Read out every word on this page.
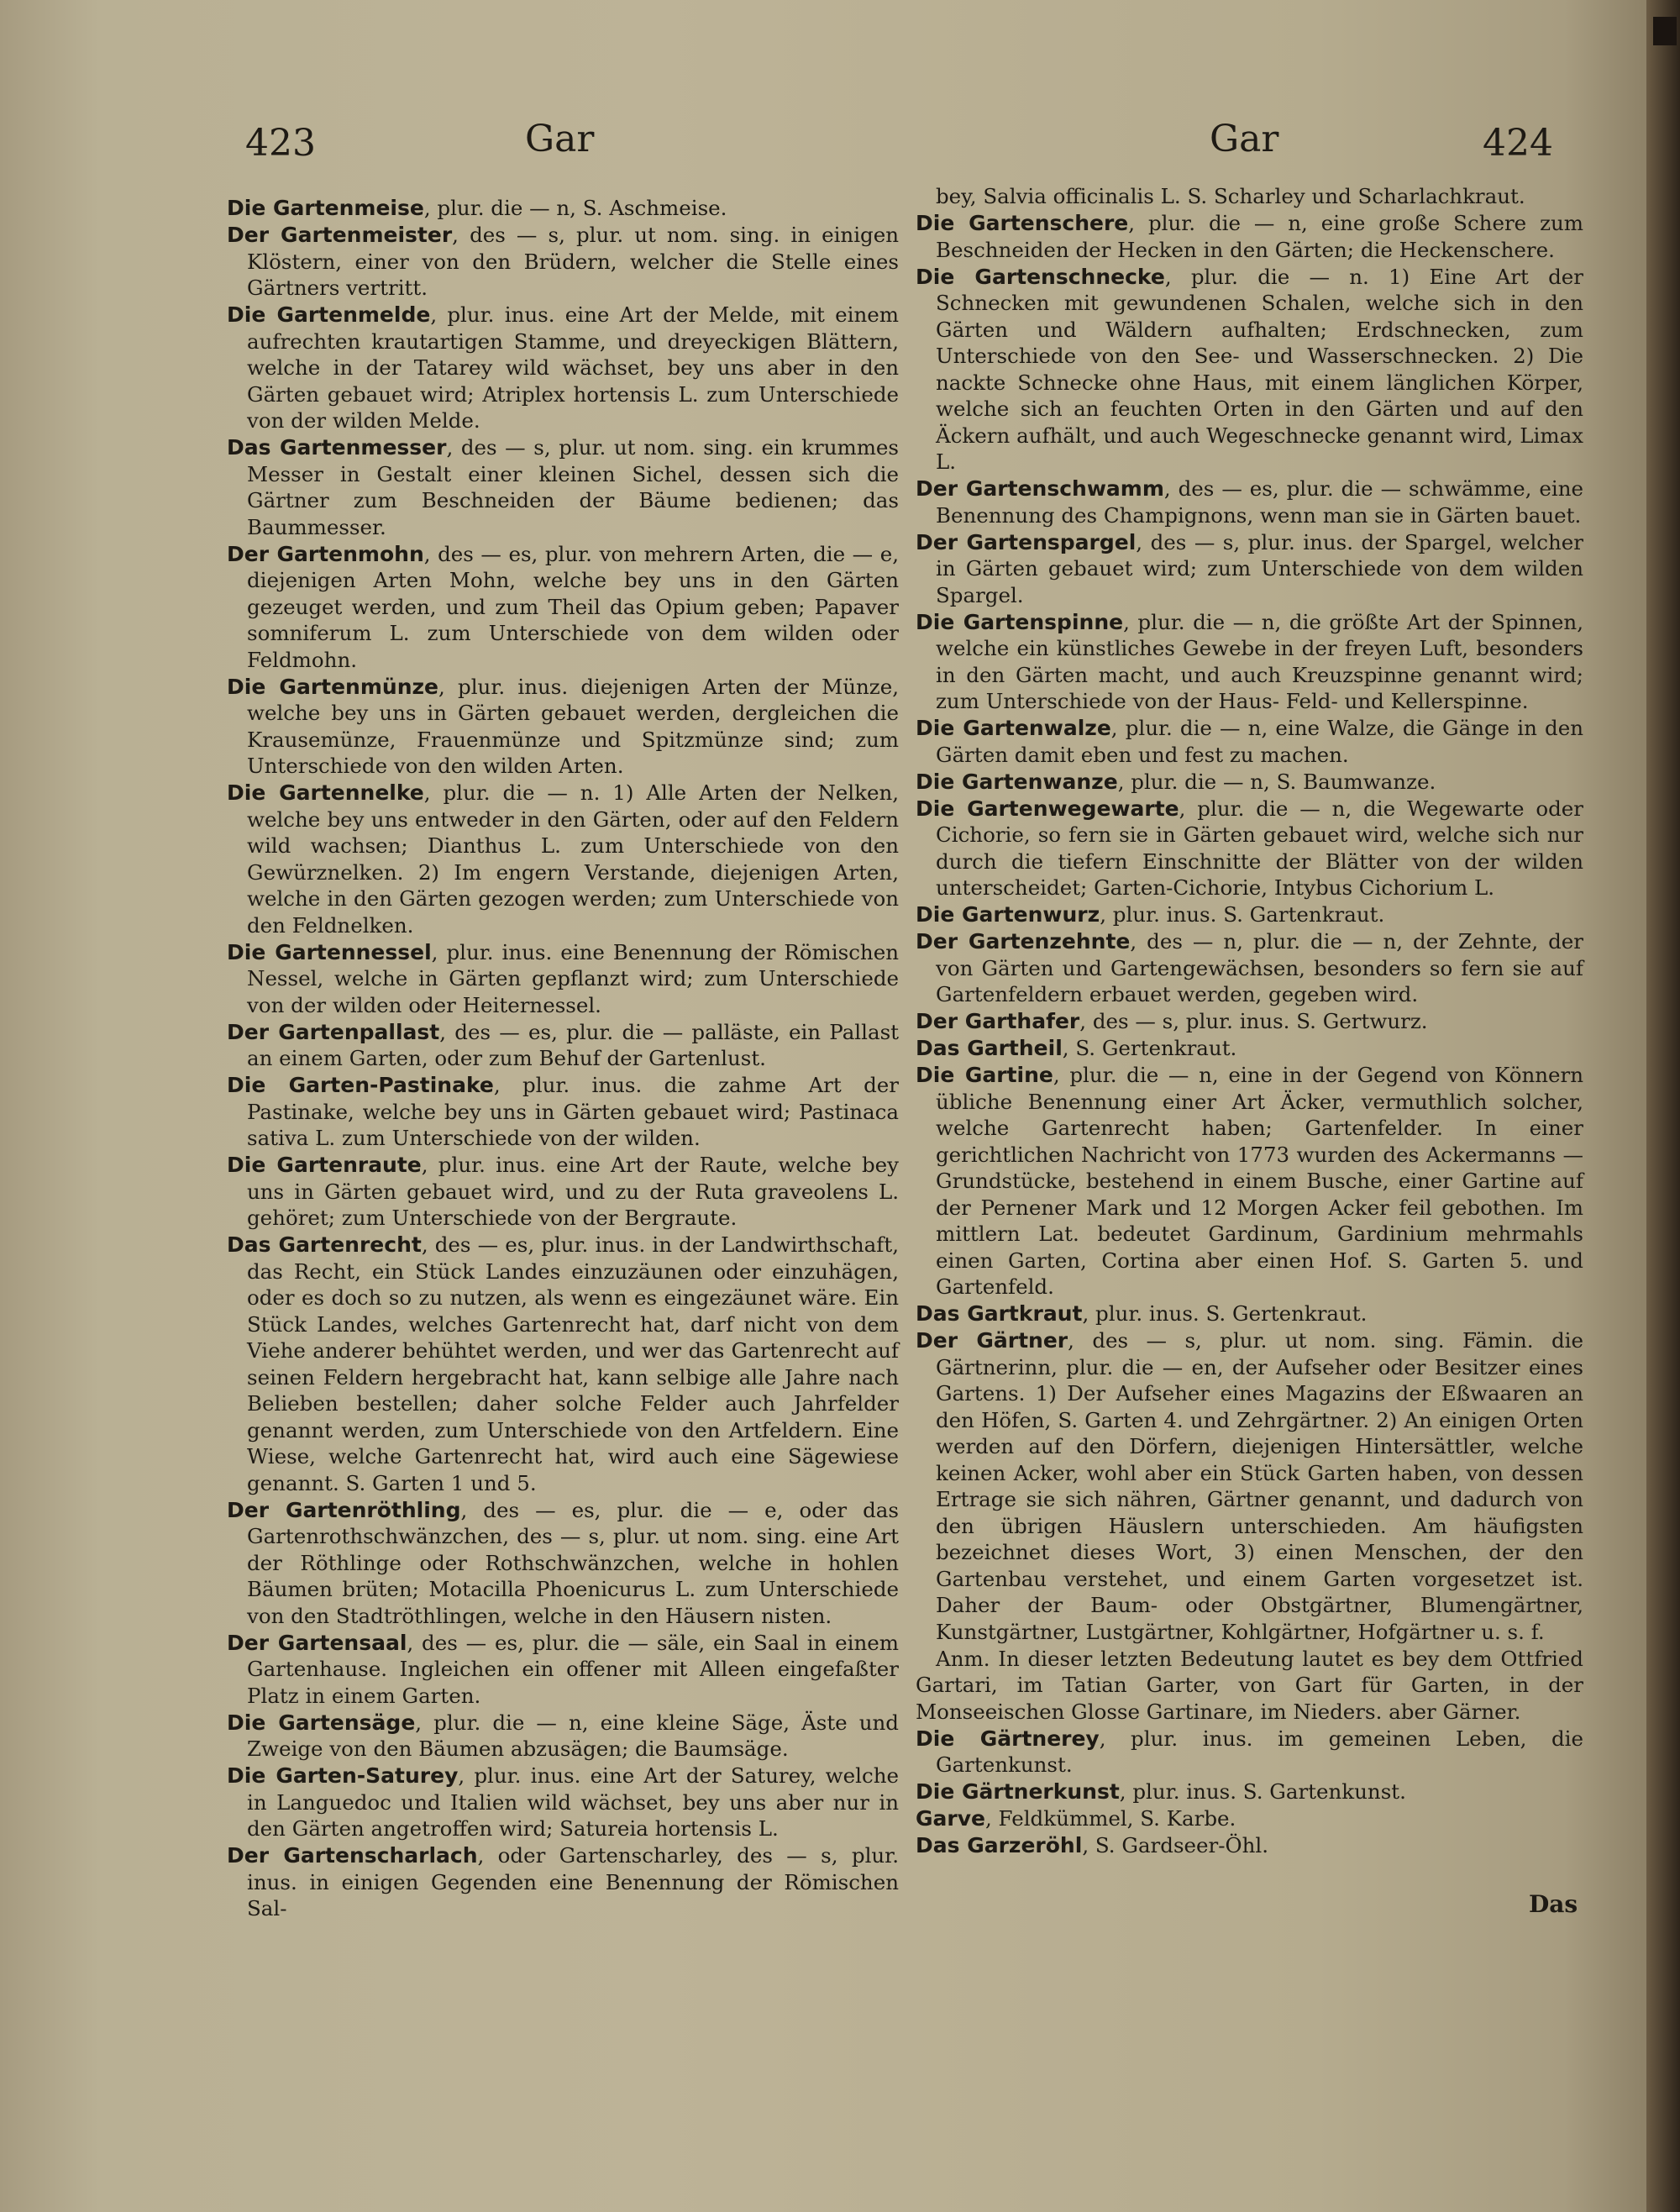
423	Gar	Gar	424
Die Gartenmeise, plur. die — n, S. Aschmeise.
Der Gartenmeister, des — s, plur. ut nom. sing. in einigen Klöstern, einer von den Brüdern, welcher die Stelle eines Gärtners vertritt.
Die Gartenmelde, plur. inus. eine Art der Melde, mit einem aufrechten krautartigen Stamme, und dreyeckigen Blättern, welche in der Tatarey wild wächset, bey uns aber in den Gärten gebauet wird; Atriplex hortensis L. zum Unterschiede von der wilden Melde.
Das Gartenmesser, des — s, plur. ut nom. sing. ein krummes Messer in Gestalt einer kleinen Sichel, dessen sich die Gärtner zum Beschneiden der Bäume bedienen; das Baummesser.
Der Gartenmohn, des — es, plur. von mehrern Arten, die — e, diejenigen Arten Mohn, welche bey uns in den Gärten gezeuget werden, und zum Theil das Opium geben; Papaver somniferum L. zum Unterschiede von dem wilden oder Feldmohn.
Die Gartenmünze, plur. inus. diejenigen Arten der Münze, welche bey uns in Gärten gebauet werden, dergleichen die Krausemünze, Frauenmünze und Spitzmünze sind; zum Unterschiede von den wilden Arten.
Die Gartennelke, plur. die — n. 1) Alle Arten der Nelken, welche bey uns entweder in den Gärten, oder auf den Feldern wild wachsen; Dianthus L. zum Unterschiede von den Gewürznelken. 2) Im engern Verstande, diejenigen Arten, welche in den Gärten gezogen werden; zum Unterschiede von den Feldnelken.
Die Gartennessel, plur. inus. eine Benennung der Römischen Nessel, welche in Gärten gepflanzt wird; zum Unterschiede von der wilden oder Heiternessel.
Der Gartenpallast, des — es, plur. die — palläste, ein Pallast an einem Garten, oder zum Behuf der Gartenlust.
Die Garten-Pastinake, plur. inus. die zahme Art der Pastinake, welche bey uns in Gärten gebauet wird; Pastinaca sativa L. zum Unterschiede von der wilden.
Die Gartenraute, plur. inus. eine Art der Raute, welche bey uns in Gärten gebauet wird, und zu der Ruta graveolens L. gehöret; zum Unterschiede von der Bergraute.
Das Gartenrecht, des — es, plur. inus. in der Landwirthschaft, das Recht, ein Stück Landes einzuzäunen oder einzuhägen, oder es doch so zu nutzen, als wenn es eingezäunet wäre. Ein Stück Landes, welches Gartenrecht hat, darf nicht von dem Viehe anderer behühtet werden, und wer das Gartenrecht auf seinen Feldern hergebracht hat, kann selbige alle Jahre nach Belieben bestellen; daher solche Felder auch Jahrfelder genannt werden, zum Unterschiede von den Artfeldern. Eine Wiese, welche Gartenrecht hat, wird auch eine Sägewiese genannt. S. Garten 1 und 5.
Der Gartenröthling, des — es, plur. die — e, oder das Gartenrothschwänzchen, des — s, plur. ut nom. sing. eine Art der Röthlinge oder Rothschwänzchen, welche in hohlen Bäumen brüten; Motacilla Phoenicurus L. zum Unterschiede von den Stadtröthlingen, welche in den Häusern nisten.
Der Gartensaal, des — es, plur. die — säle, ein Saal in einem Gartenhause. Ingleichen ein offener mit Alleen eingefaßter Platz in einem Garten.
Die Gartensäge, plur. die — n, eine kleine Säge, Äste und Zweige von den Bäumen abzusägen; die Baumsäge.
Die Garten-Saturey, plur. inus. eine Art der Saturey, welche in Languedoc und Italien wild wächset, bey uns aber nur in den Gärten angetroffen wird; Satureia hortensis L.
Der Gartenscharlach, oder Gartenscharley, des — s, plur. inus. in einigen Gegenden eine Benennung der Römischen Sal-
bey, Salvia officinalis L. S. Scharley und Scharlachkraut.
Die Gartenschere, plur. die — n, eine große Schere zum Beschneiden der Hecken in den Gärten; die Heckenschere.
Die Gartenschnecke, plur. die — n. 1) Eine Art der Schnecken mit gewundenen Schalen, welche sich in den Gärten und Wäldern aufhalten; Erdschnecken, zum Unterschiede von den See- und Wasserschnecken. 2) Die nackte Schnecke ohne Haus, mit einem länglichen Körper, welche sich an feuchten Orten in den Gärten und auf den Äckern aufhält, und auch Wegeschnecke genannt wird, Limax L.
Der Gartenschwamm, des — es, plur. die — schwämme, eine Benennung des Champignons, wenn man sie in Gärten bauet.
Der Gartenspargel, des — s, plur. inus. der Spargel, welcher in Gärten gebauet wird; zum Unterschiede von dem wilden Spargel.
Die Gartenspinne, plur. die — n, die größte Art der Spinnen, welche ein künstliches Gewebe in der freyen Luft, besonders in den Gärten macht, und auch Kreuzspinne genannt wird; zum Unterschiede von der Haus- Feld- und Kellerspinne.
Die Gartenwalze, plur. die — n, eine Walze, die Gänge in den Gärten damit eben und fest zu machen.
Die Gartenwanze, plur. die — n, S. Baumwanze.
Die Gartenwegewarte, plur. die — n, die Wegewarte oder Cichorie, so fern sie in Gärten gebauet wird, welche sich nur durch die tiefern Einschnitte der Blätter von der wilden unterscheidet; Garten-Cichorie, Intybus Cichorium L.
Die Gartenwurz, plur. inus. S. Gartenkraut.
Der Gartenzehnte, des — n, plur. die — n, der Zehnte, der von Gärten und Gartengewächsen, besonders so fern sie auf Gartenfeldern erbauet werden, gegeben wird.
Der Garthafer, des — s, plur. inus. S. Gertwurz.
Das Gartheil, S. Gertenkraut.
Die Gartine, plur. die — n, eine in der Gegend von Könnern übliche Benennung einer Art Äcker, vermuthlich solcher, welche Gartenrecht haben; Gartenfelder. In einer gerichtlichen Nachricht von 1773 wurden des Ackermanns — Grundstücke, bestehend in einem Busche, einer Gartine auf der Pernener Mark und 12 Morgen Acker feil gebothen. Im mittlern Lat. bedeutet Gardinum, Gardinium mehrmahls einen Garten, Cortina aber einen Hof. S. Garten 5. und Gartenfeld.
Das Gartkraut, plur. inus. S. Gertenkraut.
Der Gärtner, des — s, plur. ut nom. sing. Fämin. die Gärtnerinn, plur. die — en, der Aufseher oder Besitzer eines Gartens. 1) Der Aufseher eines Magazins der Eßwaaren an den Höfen, S. Garten 4. und Zehrgärtner. 2) An einigen Orten werden auf den Dörfern, diejenigen Hintersättler, welche keinen Acker, wohl aber ein Stück Garten haben, von dessen Ertrage sie sich nähren, Gärtner genannt, und dadurch von den übrigen Häuslern unterschieden. Am häufigsten bezeichnet dieses Wort, 3) einen Menschen, der den Gartenbau verstehet, und einem Garten vorgesetzet ist. Daher der Baum- oder Obstgärtner, Blumengärtner, Kunstgärtner, Lustgärtner, Kohlgärtner, Hofgärtner u. s. f.
Anm. In dieser letzten Bedeutung lautet es bey dem Ottfried Gartari, im Tatian Garter, von Gart für Garten, in der Monseeischen Glosse Gartinare, im Nieders. aber Gärner.
Die Gärtnerey, plur. inus. im gemeinen Leben, die Gartenkunst.
Die Gärtnerkunst, plur. inus. S. Gartenkunst.
Garve, Feldkümmel, S. Karbe.
Das Garzeröhl, S. Gardseer-Öhl.
Das
